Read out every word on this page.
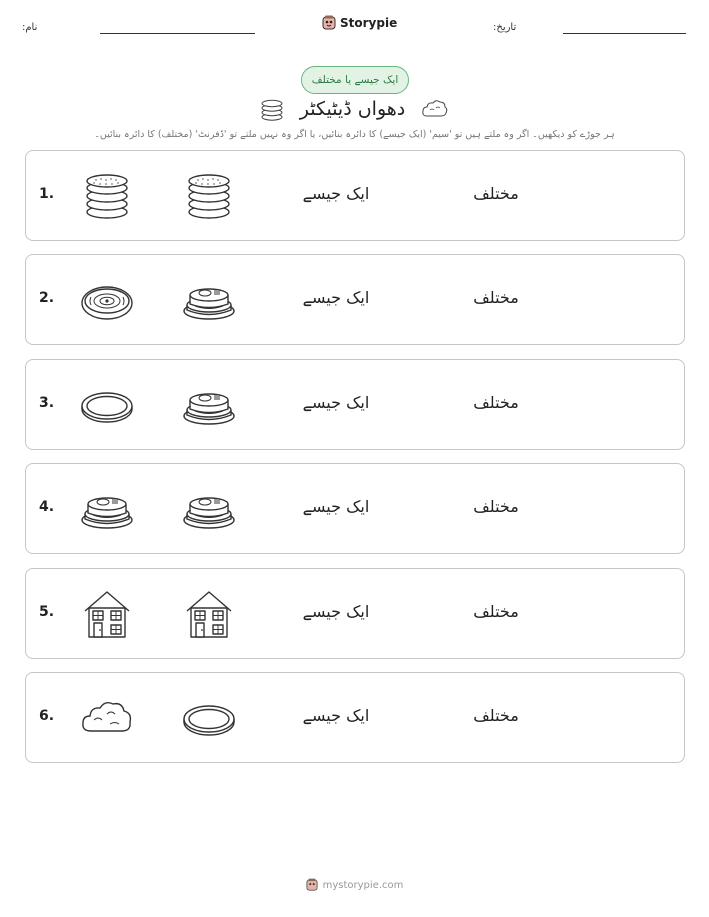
نام:	Storypie	تاریخ:
ایک جیسے یا مختلف
دھواں ڈیٹیکٹر
ہر جوڑے کو دیکھیں۔ اگر وہ ملتے ہیں تو 'سیم' (ایک جیسے) کا دائرہ بنائیں، یا اگر وہ نہیں ملتے تو 'ڈفرنٹ' (مختلف) کا دائرہ بنائیں۔
1.	ایک جیسے	مختلف
2.	ایک جیسے	مختلف
3.	ایک جیسے	مختلف
4.	ایک جیسے	مختلف
5.	ایک جیسے	مختلف
6.	ایک جیسے	مختلف
mystorypie.com
